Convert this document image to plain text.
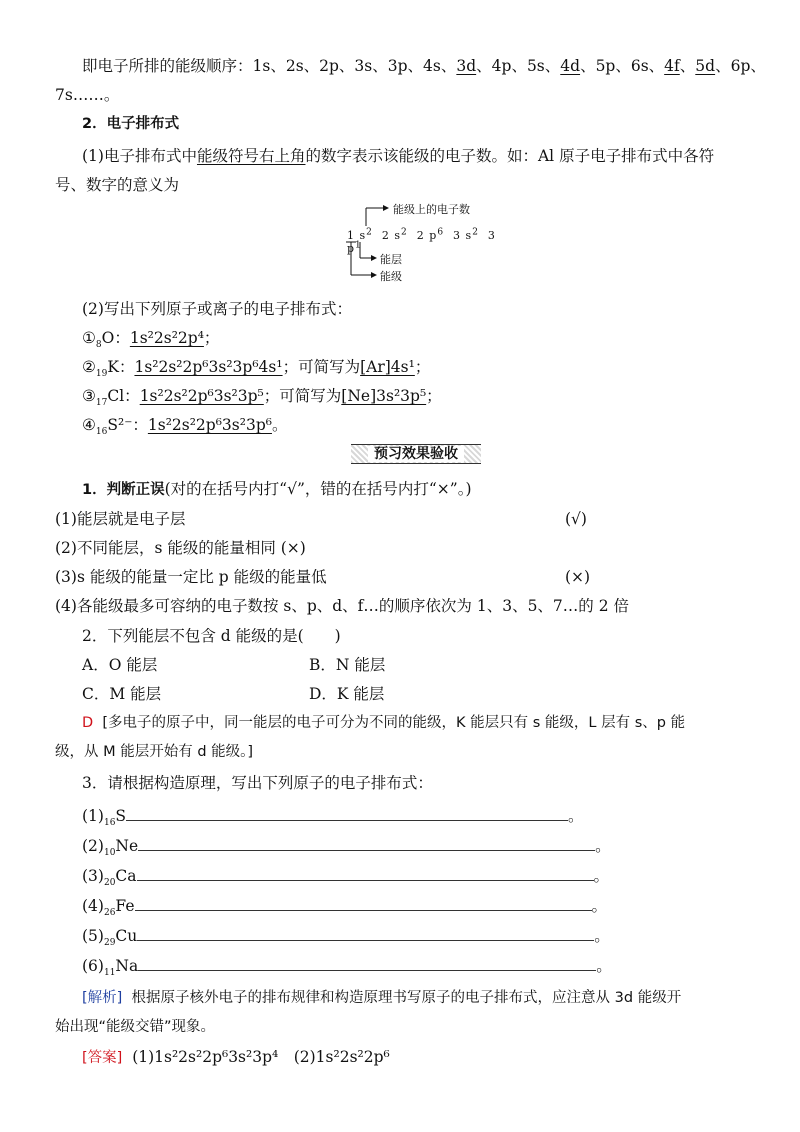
即电子所排的能级顺序：1s、2s、2p、3s、3p、4s、3d、4p、5s、4d、5p、6s、4f、5d、6p、
7s……。
2．电子排布式
(1)电子排布式中能级符号右上角的数字表示该能级的电子数。如：Al 原子电子排布式中各符
号、数字的意义为
能级上的电子数
1 $s^2$ 2 $s^2$ 2 $p^6$ 3 $s^2$ 3 $p^1$
能层
能级
(2)写出下列原子或离子的电子排布式：
$①_8O$：1s²2s²2p⁴；
$②_{19}K$：1s²2s²2p⁶3s²3p⁶4s¹；可简写为[Ar]4s¹；
$③_{17}Cl$：1s²2s²2p⁶3s²3p⁵；可简写为[Ne]3s²3p⁵；
$④_{16}S^{2-}$：1s²2s²2p⁶3s²3p⁶。
预习效果验收
1．判断正误(对的在括号内打“√”，错的在括号内打“×”。)
(1)能层就是电子层	(√)
(2)不同能层，s 能级的能量相同 (×)
(3)s 能级的能量一定比 p 能级的能量低	(×)
(4)各能级最多可容纳的电子数按 s、p、d、f…的顺序依次为 1、3、5、7…的 2 倍
2．下列能层不包含 d 能级的是(　　)
A．O 能层	B．N 能层
C．M 能层	D．K 能层
D [多电子的原子中，同一能层的电子可分为不同的能级，K 能层只有 s 能级，L 层有 s、p 能
级，从 M 能层开始有 d 能级。]
3．请根据构造原理，写出下列原子的电子排布式：
$(1)_{16}S$	。
$(2)_{10}Ne$	。
$(3)_{20}Ca$	。
$(4)_{26}Fe$	。
$(5)_{29}Cu$	。
$(6)_{11}Na$	。
[解析] 根据原子核外电子的排布规律和构造原理书写原子的电子排布式，应注意从 3d 能级开
始出现“能级交错”现象。
[答案] (1)1s²2s²2p⁶3s²3p⁴　(2)1s²2s²2p⁶
